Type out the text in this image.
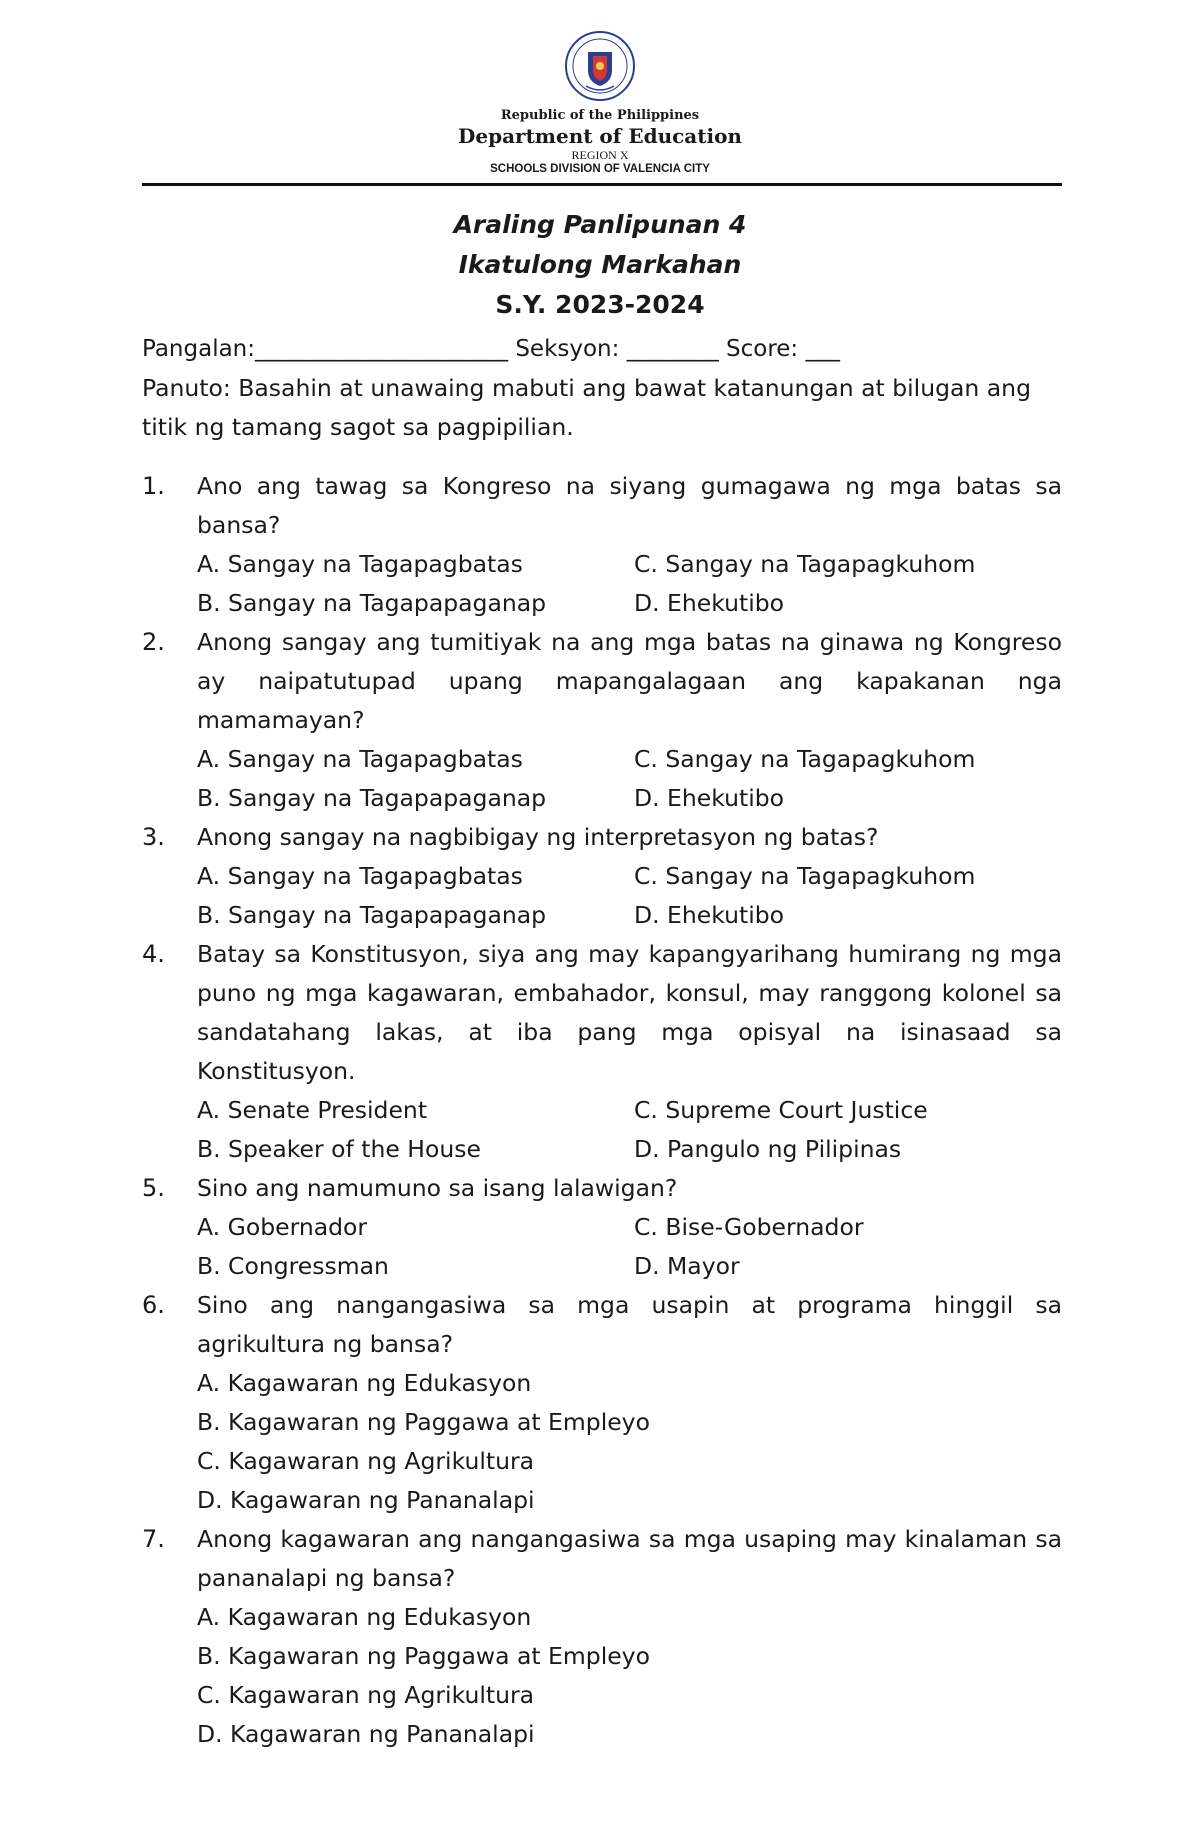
Republic of the Philippines
Department of Education
REGION X
SCHOOLS DIVISION OF VALENCIA CITY
Araling Panlipunan 4
Ikatulong Markahan
S.Y. 2023-2024
Pangalan:______________________ Seksyon: ________ Score: ___
Panuto: Basahin at unawaing mabuti ang bawat katanungan at bilugan ang titik ng tamang sagot sa pagpipilian.
1. Ano ang tawag sa Kongreso na siyang gumagawa ng mga batas sa bansa?
A. Sangay na Tagapagbatas	C. Sangay na Tagapagkuhom
B. Sangay na Tagapapaganap	D. Ehekutibo
2. Anong sangay ang tumitiyak na ang mga batas na ginawa ng Kongreso ay naipatutupad upang mapangalagaan ang kapakanan nga mamamayan?
A. Sangay na Tagapagbatas	C. Sangay na Tagapagkuhom
B. Sangay na Tagapapaganap	D. Ehekutibo
3. Anong sangay na nagbibigay ng interpretasyon ng batas?
A. Sangay na Tagapagbatas	C. Sangay na Tagapagkuhom
B. Sangay na Tagapapaganap	D. Ehekutibo
4. Batay sa Konstitusyon, siya ang may kapangyarihang humirang ng mga puno ng mga kagawaran, embahador, konsul, may ranggong kolonel sa sandatahang lakas, at iba pang mga opisyal na isinasaad sa Konstitusyon.
A. Senate President	C. Supreme Court Justice
B. Speaker of the House	D. Pangulo ng Pilipinas
5. Sino ang namumuno sa isang lalawigan?
A. Gobernador	C. Bise-Gobernador
B. Congressman	D. Mayor
6. Sino ang nangangasiwa sa mga usapin at programa hinggil sa agrikultura ng bansa?
A. Kagawaran ng Edukasyon
B. Kagawaran ng Paggawa at Empleyo
C. Kagawaran ng Agrikultura
D. Kagawaran ng Pananalapi
7. Anong kagawaran ang nangangasiwa sa mga usaping may kinalaman sa pananalapi ng bansa?
A. Kagawaran ng Edukasyon
B. Kagawaran ng Paggawa at Empleyo
C. Kagawaran ng Agrikultura
D. Kagawaran ng Pananalapi
